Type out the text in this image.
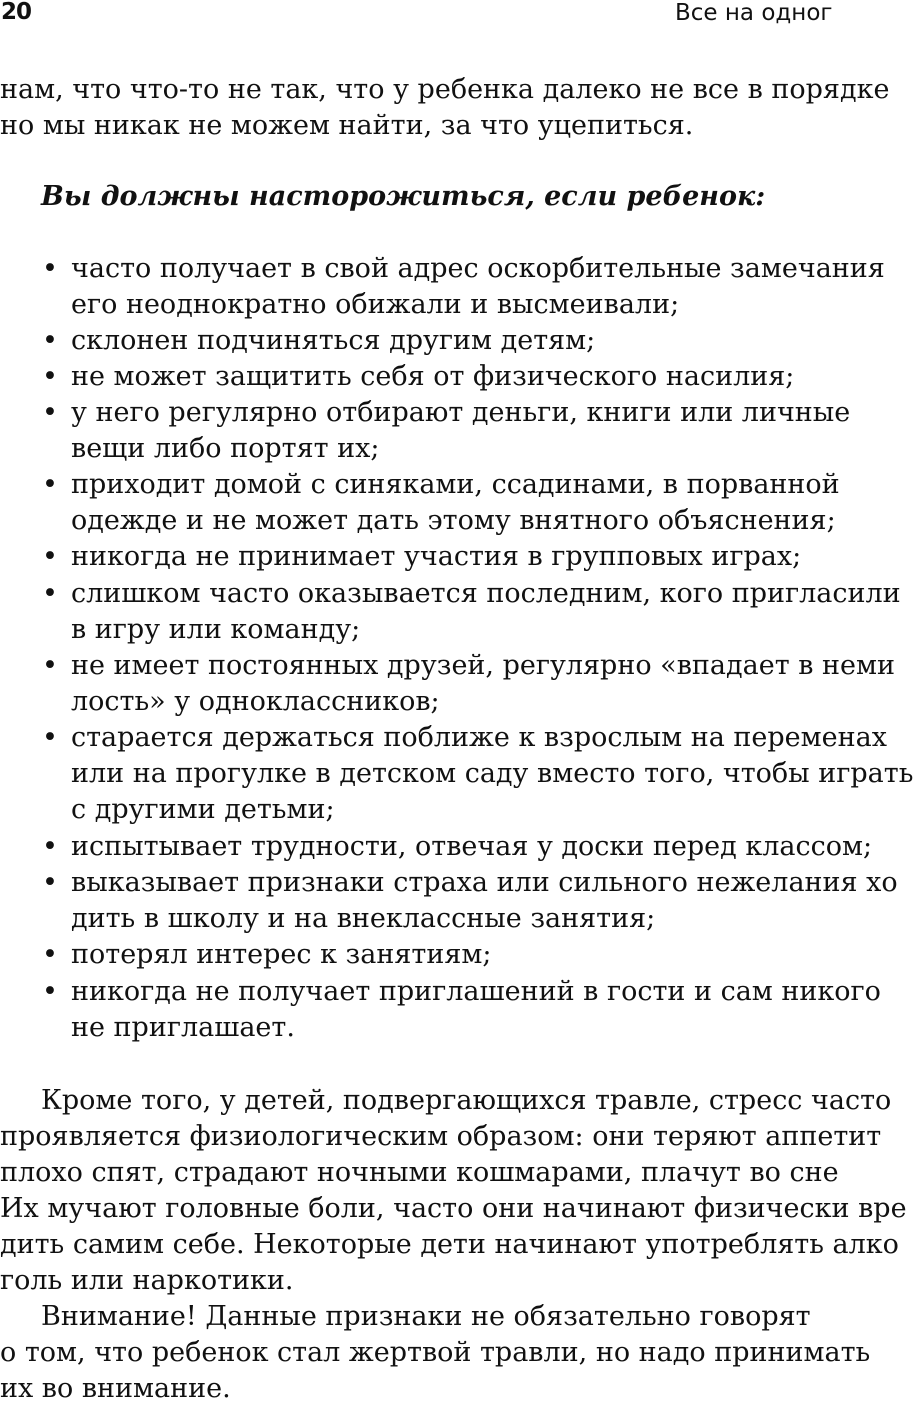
20	Все на одног
нам, что что-то не так, что у ребенка далеко не все в порядке
но мы никак не можем найти, за что уцепиться.
Вы должны насторожиться, если ребенок:
• часто получает в свой адрес оскорбительные замечания
его неоднократно обижали и высмеивали;
• склонен подчиняться другим детям;
• не может защитить себя от физического насилия;
• у него регулярно отбирают деньги, книги или личные
вещи либо портят их;
• приходит домой с синяками, ссадинами, в порванной
одежде и не может дать этому внятного объяснения;
• никогда не принимает участия в групповых играх;
• слишком часто оказывается последним, кого пригласили
в игру или команду;
• не имеет постоянных друзей, регулярно «впадает в неми
лость» у одноклассников;
• старается держаться поближе к взрослым на переменах
или на прогулке в детском саду вместо того, чтобы играть
с другими детьми;
• испытывает трудности, отвечая у доски перед классом;
• выказывает признаки страха или сильного нежелания хо
дить в школу и на внеклассные занятия;
• потерял интерес к занятиям;
• никогда не получает приглашений в гости и сам никого
не приглашает.
Кроме того, у детей, подвергающихся травле, стресс часто
проявляется физиологическим образом: они теряют аппетит
плохо спят, страдают ночными кошмарами, плачут во сне
Их мучают головные боли, часто они начинают физически вре
дить самим себе. Некоторые дети начинают употреблять алко
голь или наркотики.
Внимание! Данные признаки не обязательно говорят
о том, что ребенок стал жертвой травли, но надо принимать
их во внимание.
